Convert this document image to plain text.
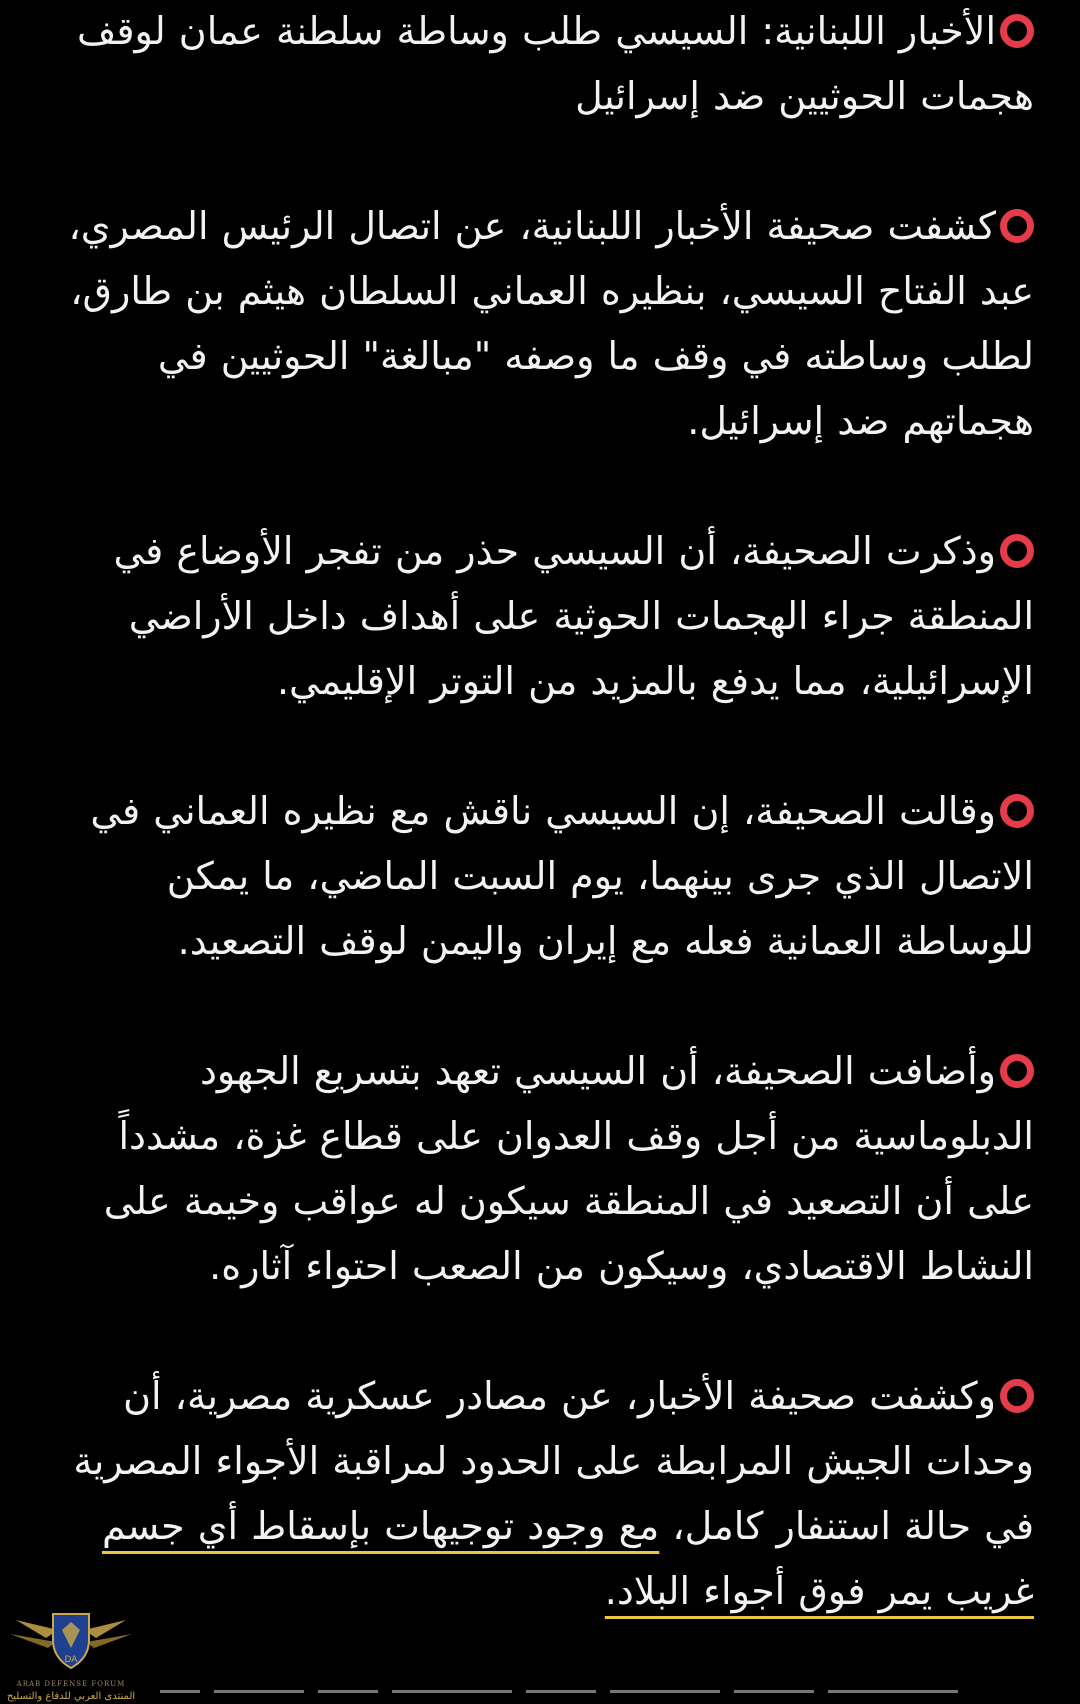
الأخبار اللبنانية: السيسي طلب وساطة سلطنة عمان لوقف هجمات الحوثيين ضد إسرائيل

كشفت صحيفة الأخبار اللبنانية، عن اتصال الرئيس المصري، عبد الفتاح السيسي، بنظيره العماني السلطان هيثم بن طارق، لطلب وساطته في وقف ما وصفه "مبالغة" الحوثيين في هجماتهم ضد إسرائيل.

وذكرت الصحيفة، أن السيسي حذر من تفجر الأوضاع في المنطقة جراء الهجمات الحوثية على أهداف داخل الأراضي الإسرائيلية، مما يدفع بالمزيد من التوتر الإقليمي.

وقالت الصحيفة، إن السيسي ناقش مع نظيره العماني في الاتصال الذي جرى بينهما، يوم السبت الماضي، ما يمكن للوساطة العمانية فعله مع إيران واليمن لوقف التصعيد.

وأضافت الصحيفة، أن السيسي تعهد بتسريع الجهود الدبلوماسية من أجل وقف العدوان على قطاع غزة، مشدداً على أن التصعيد في المنطقة سيكون له عواقب وخيمة على النشاط الاقتصادي، وسيكون من الصعب احتواء آثاره.

وكشفت صحيفة الأخبار، عن مصادر عسكرية مصرية، أن وحدات الجيش المرابطة على الحدود لمراقبة الأجواء المصرية في حالة استنفار كامل، مع وجود توجيهات بإسقاط أي جسم غريب يمر فوق أجواء البلاد.

DA
ARAB DEFENSE FORUM
المنتدى العربي للدفاع والتسليح
